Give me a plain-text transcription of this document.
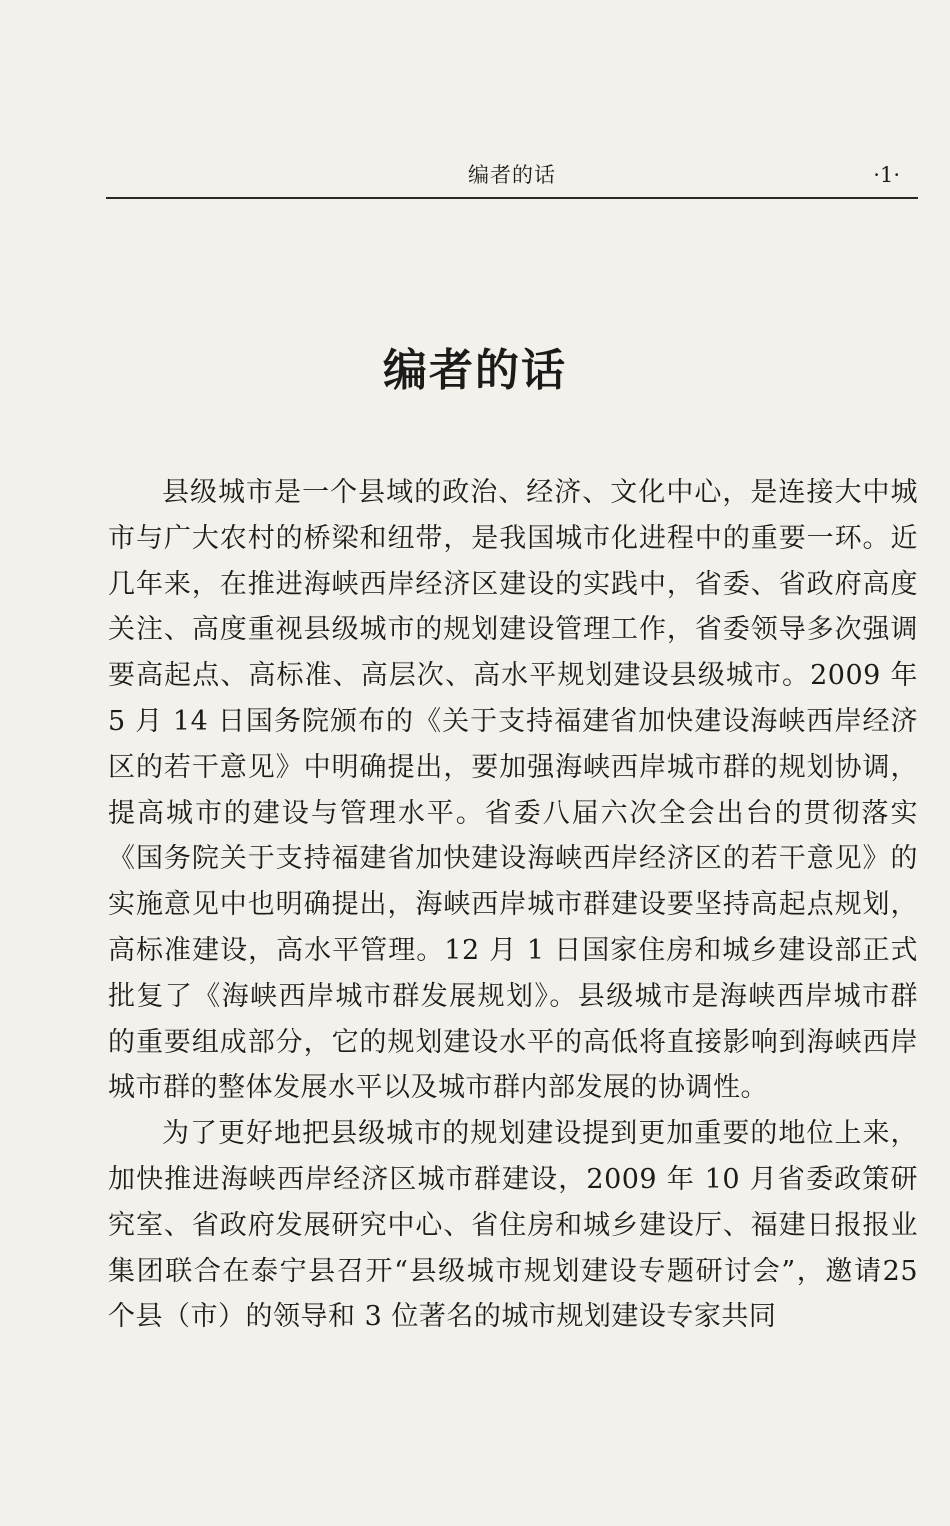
编者的话	·1·
编者的话

县级城市是一个县域的政治、经济、文化中心，是连接大中城市与广大农村的桥梁和纽带，是我国城市化进程中的重要一环。近几年来，在推进海峡西岸经济区建设的实践中，省委、省政府高度关注、高度重视县级城市的规划建设管理工作，省委领导多次强调要高起点、高标准、高层次、高水平规划建设县级城市。2009 年5 月 14 日国务院颁布的《关于支持福建省加快建设海峡西岸经济区的若干意见》中明确提出，要加强海峡西岸城市群的规划协调，提高城市的建设与管理水平。省委八届六次全会出台的贯彻落实《国务院关于支持福建省加快建设海峡西岸经济区的若干意见》的实施意见中也明确提出，海峡西岸城市群建设要坚持高起点规划，高标准建设，高水平管理。12 月 1 日国家住房和城乡建设部正式批复了《海峡西岸城市群发展规划》。县级城市是海峡西岸城市群的重要组成部分，它的规划建设水平的高低将直接影响到海峡西岸城市群的整体发展水平以及城市群内部发展的协调性。

为了更好地把县级城市的规划建设提到更加重要的地位上来，加快推进海峡西岸经济区城市群建设，2009 年 10 月省委政策研究室、省政府发展研究中心、省住房和城乡建设厅、福建日报报业集团联合在泰宁县召开“县级城市规划建设专题研讨会”，邀请25 个县（市）的领导和 3 位著名的城市规划建设专家共同
